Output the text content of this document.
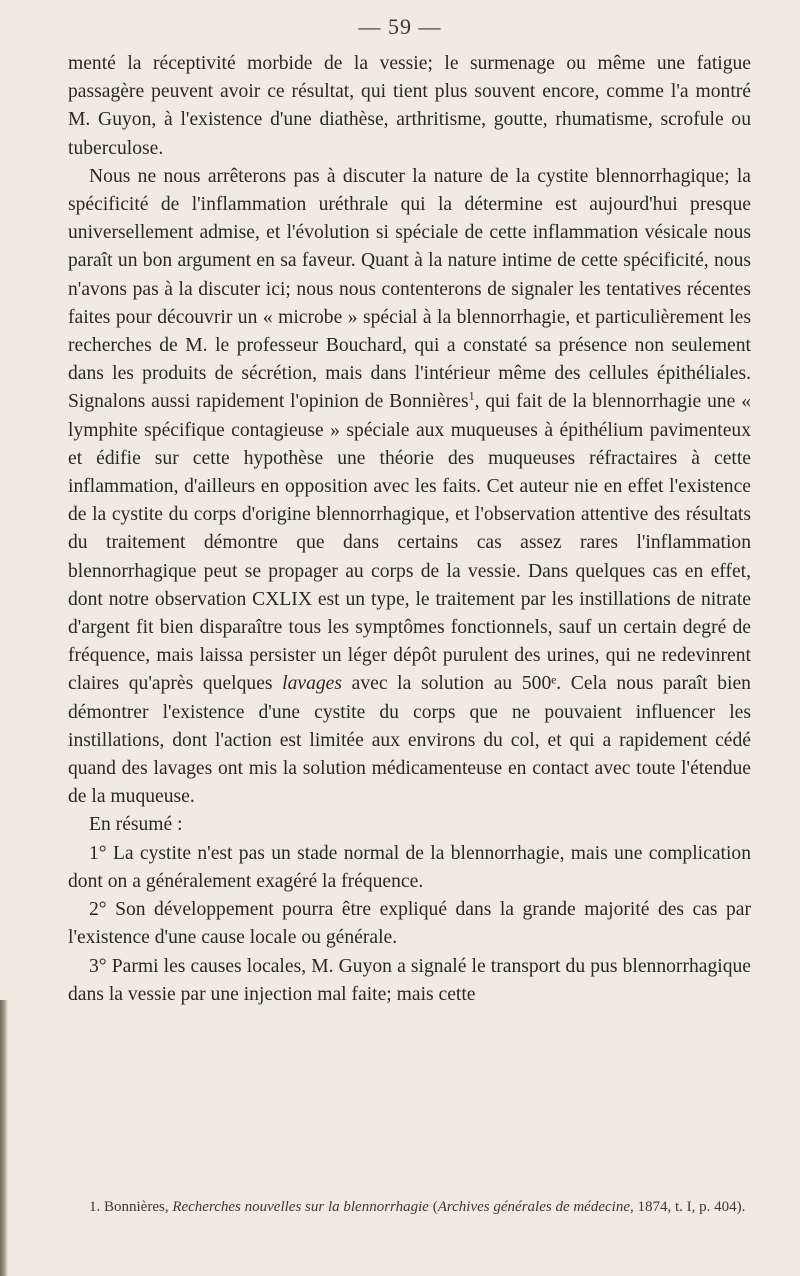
— 59 —

menté la réceptivité morbide de la vessie; le surmenage ou même une fatigue passagère peuvent avoir ce résultat, qui tient plus souvent encore, comme l'a montré M. Guyon, à l'existence d'une diathèse, arthritisme, goutte, rhumatisme, scrofule ou tuberculose.

Nous ne nous arrêterons pas à discuter la nature de la cystite blennorrhagique; la spécificité de l'inflammation uréthrale qui la détermine est aujourd'hui presque universellement admise, et l'évolution si spéciale de cette inflammation vésicale nous paraît un bon argument en sa faveur. Quant à la nature intime de cette spécificité, nous n'avons pas à la discuter ici; nous nous contenterons de signaler les tentatives récentes faites pour découvrir un « microbe » spécial à la blennorrhagie, et particulièrement les recherches de M. le professeur Bouchard, qui a constaté sa présence non seulement dans les produits de sécrétion, mais dans l'intérieur même des cellules épithéliales. Signalons aussi rapidement l'opinion de Bonnières$^1$, qui fait de la blennorrhagie une « lymphite spécifique contagieuse » spéciale aux muqueuses à épithélium pavimenteux et édifie sur cette hypothèse une théorie des muqueuses réfractaires à cette inflammation, d'ailleurs en opposition avec les faits. Cet auteur nie en effet l'existence de la cystite du corps d'origine blennorrhagique, et l'observation attentive des résultats du traitement démontre que dans certains cas assez rares l'inflammation blennorrhagique peut se propager au corps de la vessie. Dans quelques cas en effet, dont notre observation CXLIX est un type, le traitement par les instillations de nitrate d'argent fit bien disparaître tous les symptômes fonctionnels, sauf un certain degré de fréquence, mais laissa persister un léger dépôt purulent des urines, qui ne redevinrent claires qu'après quelques lavages avec la solution au 500ᵉ. Cela nous paraît bien démontrer l'existence d'une cystite du corps que ne pouvaient influencer les instillations, dont l'action est limitée aux environs du col, et qui a rapidement cédé quand des lavages ont mis la solution médicamenteuse en contact avec toute l'étendue de la muqueuse.

En résumé :

1° La cystite n'est pas un stade normal de la blennorrhagie, mais une complication dont on a généralement exagéré la fréquence.

2° Son développement pourra être expliqué dans la grande majorité des cas par l'existence d'une cause locale ou générale.

3° Parmi les causes locales, M. Guyon a signalé le transport du pus blennorrhagique dans la vessie par une injection mal faite; mais cette

1. Bonnières, Recherches nouvelles sur la blennorrhagie (Archives générales de médecine, 1874, t. I, p. 404).
